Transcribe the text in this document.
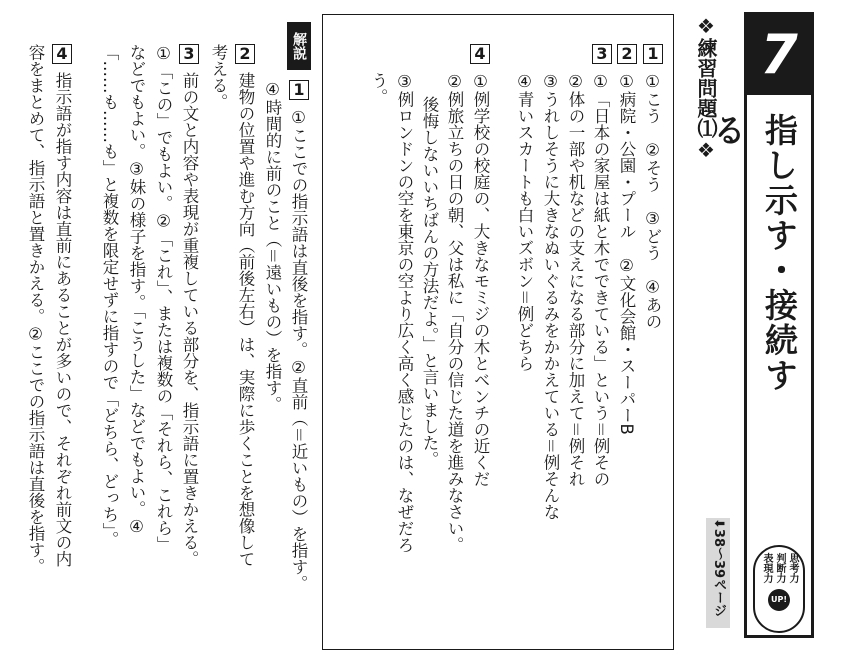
7
指し示す・接続する
思考力
判断力
表現力
UP!
⬇38〜39ページ
❖練習問題⑴❖
1
2
3
4
①こう　②そう　③どう　④あの
①病院・公園・プール　②文化会館・スーパーB
①「日本の家屋は紙と木でできている」という＝例その
②体の一部や机などの支えになる部分に加えて＝例それ
③うれしそうに大きなぬいぐるみをかかえている＝例そんな
④青いスカートも白いズボン＝例どちら
①例学校の校庭の、大きなモミジの木とベンチの近くだ
②例旅立ちの日の朝、父は私に「自分の信じた道を進みなさい。
後悔しないいちばんの方法だよ。」と言いました。
③例ロンドンの空を東京の空より広く高く感じたのは、なぜだろ
う。
解説
1
2
3
4
①ここでの指示語は直後を指す。②直前（＝近いもの）を指す。
④時間的に前のこと（＝遠いもの）を指す。
建物の位置や進む方向（前後左右）は、実際に歩くことを想像して
考える。
前の文と内容や表現が重複している部分を、指示語に置きかえる。
①「この」でもよい。②「これ」、または複数の「それら、これら」
などでもよい。③妹の様子を指す。「こうした」などでもよい。④
「……も……も」と複数を限定せずに指すので「どちら、どっち」。
指示語が指す内容は直前にあることが多いので、それぞれ前文の内
容をまとめて、指示語と置きかえる。②ここでの指示語は直後を指す。
